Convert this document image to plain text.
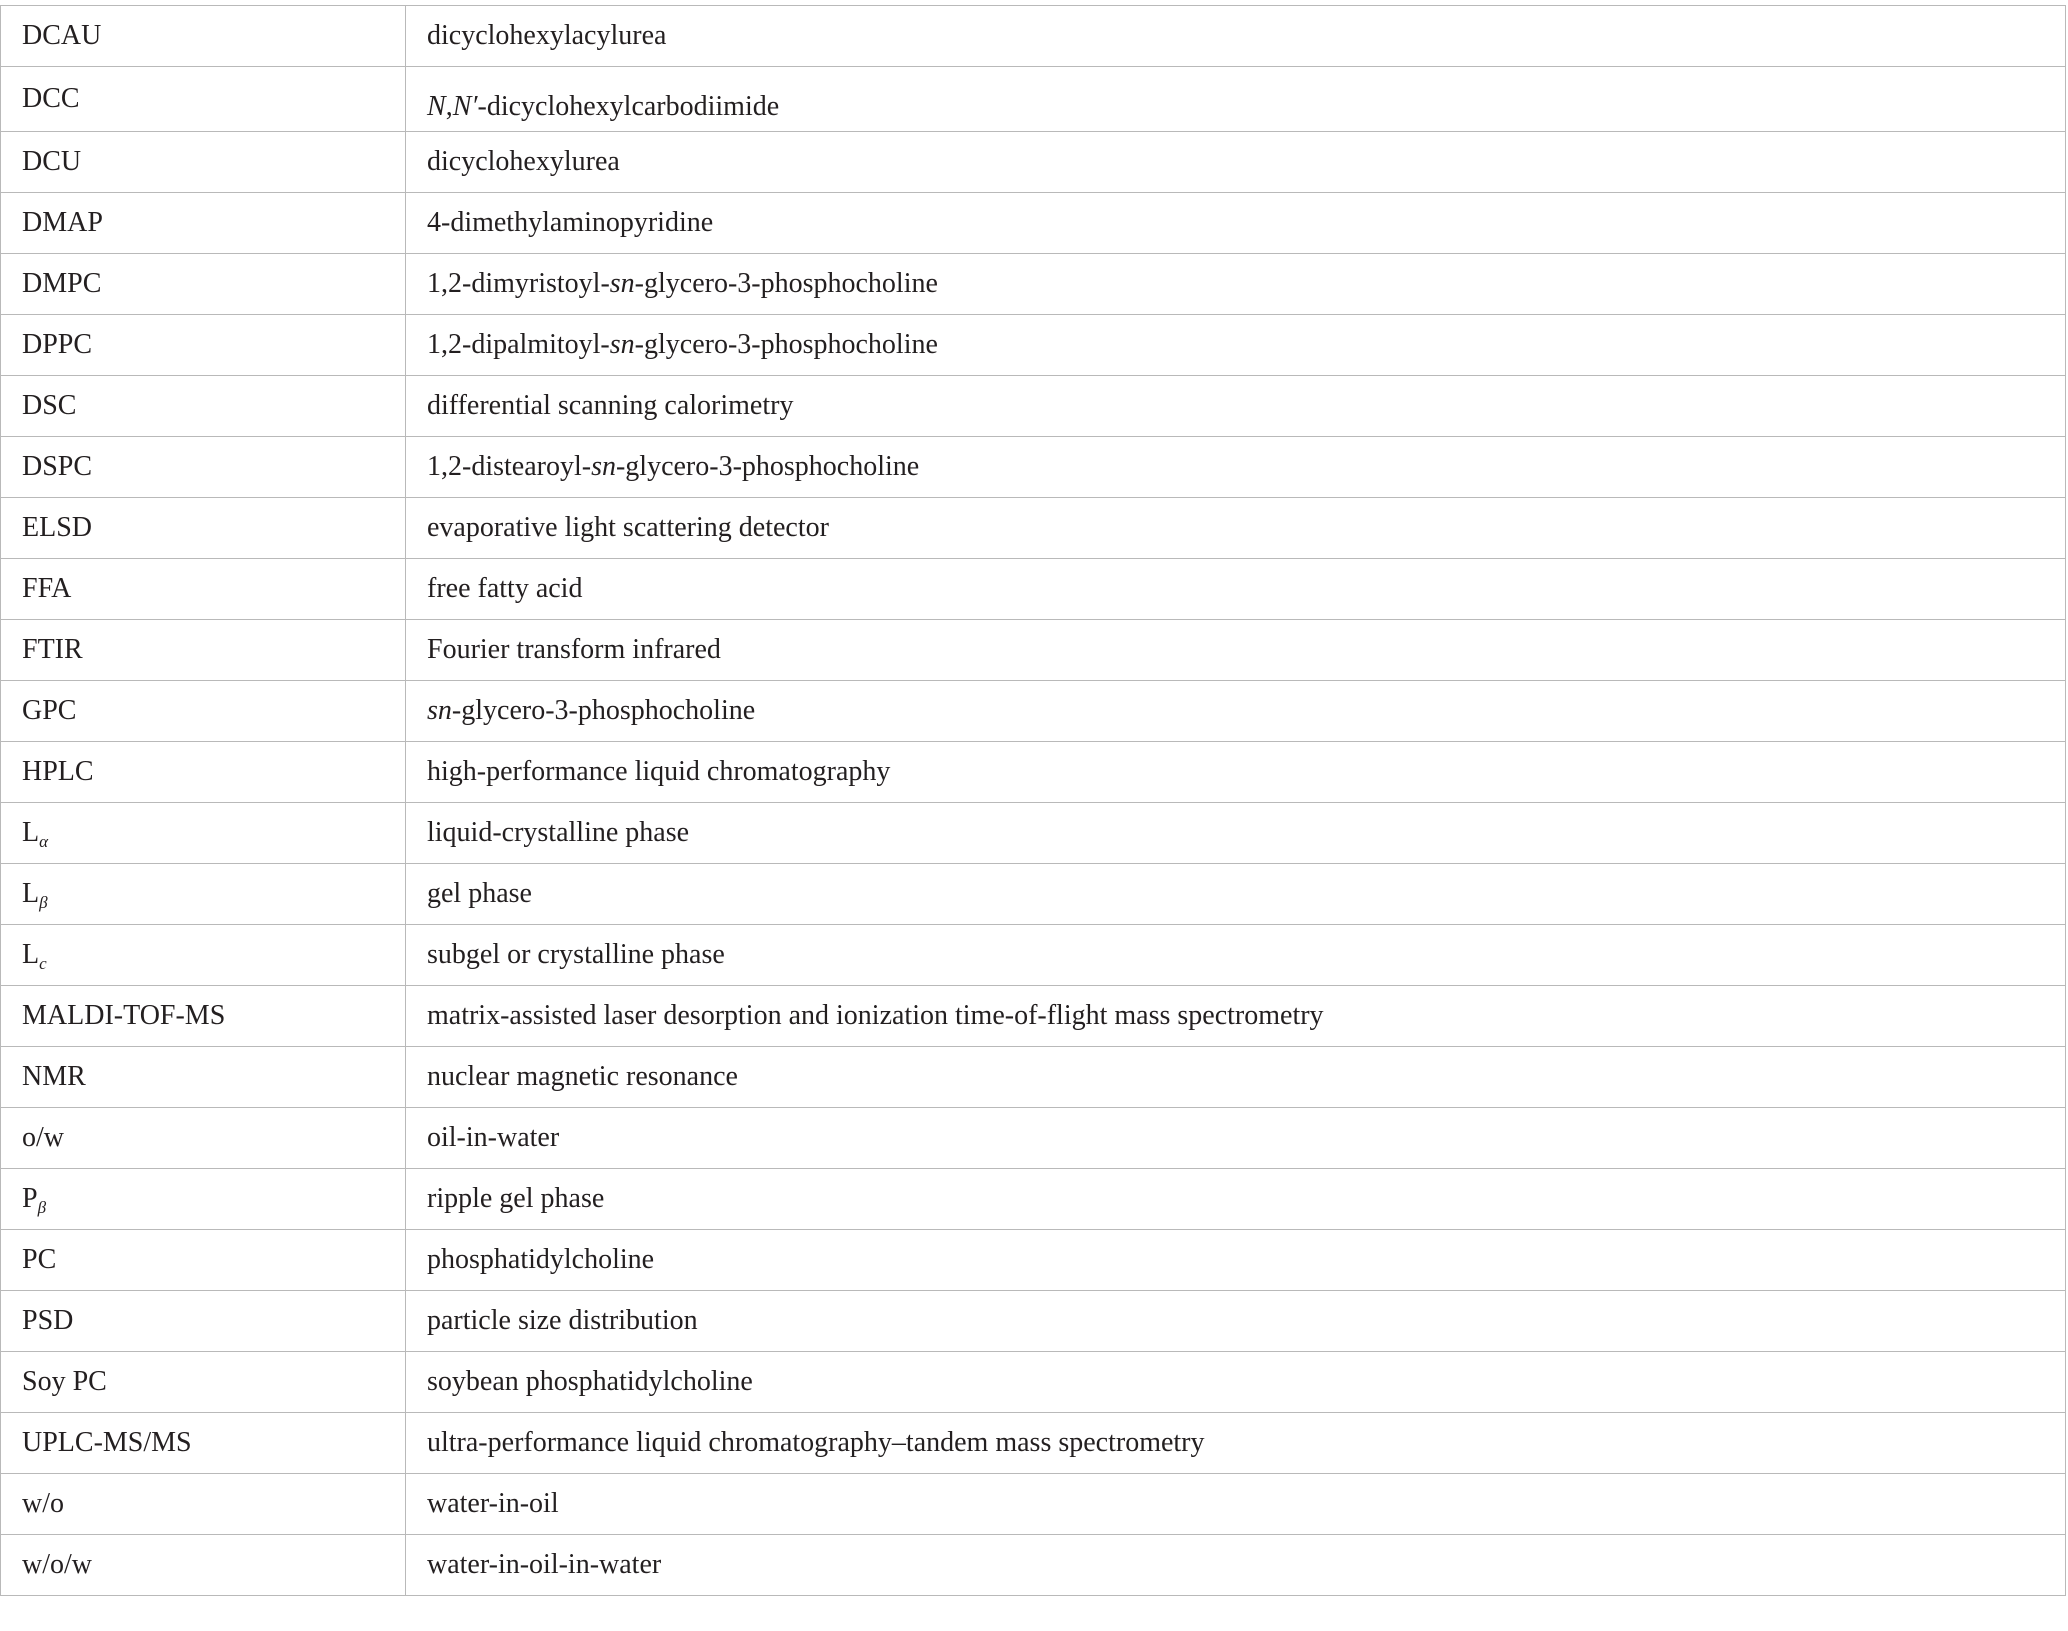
DCAU	dicyclohexylacylurea
DCC	N,N′-dicyclohexylcarbodiimide
DCU	dicyclohexylurea
DMAP	4-dimethylaminopyridine
DMPC	1,2-dimyristoyl-sn-glycero-3-phosphocholine
DPPC	1,2-dipalmitoyl-sn-glycero-3-phosphocholine
DSC	differential scanning calorimetry
DSPC	1,2-distearoyl-sn-glycero-3-phosphocholine
ELSD	evaporative light scattering detector
FFA	free fatty acid
FTIR	Fourier transform infrared
GPC	sn-glycero-3-phosphocholine
HPLC	high-performance liquid chromatography
$L_\alpha$	liquid-crystalline phase
$L_\beta$	gel phase
$L_c$	subgel or crystalline phase
MALDI-TOF-MS	matrix-assisted laser desorption and ionization time-of-flight mass spectrometry
NMR	nuclear magnetic resonance
o/w	oil-in-water
$P_\beta$	ripple gel phase
PC	phosphatidylcholine
PSD	particle size distribution
Soy PC	soybean phosphatidylcholine
UPLC-MS/MS	ultra-performance liquid chromatography–tandem mass spectrometry
w/o	water-in-oil
w/o/w	water-in-oil-in-water
